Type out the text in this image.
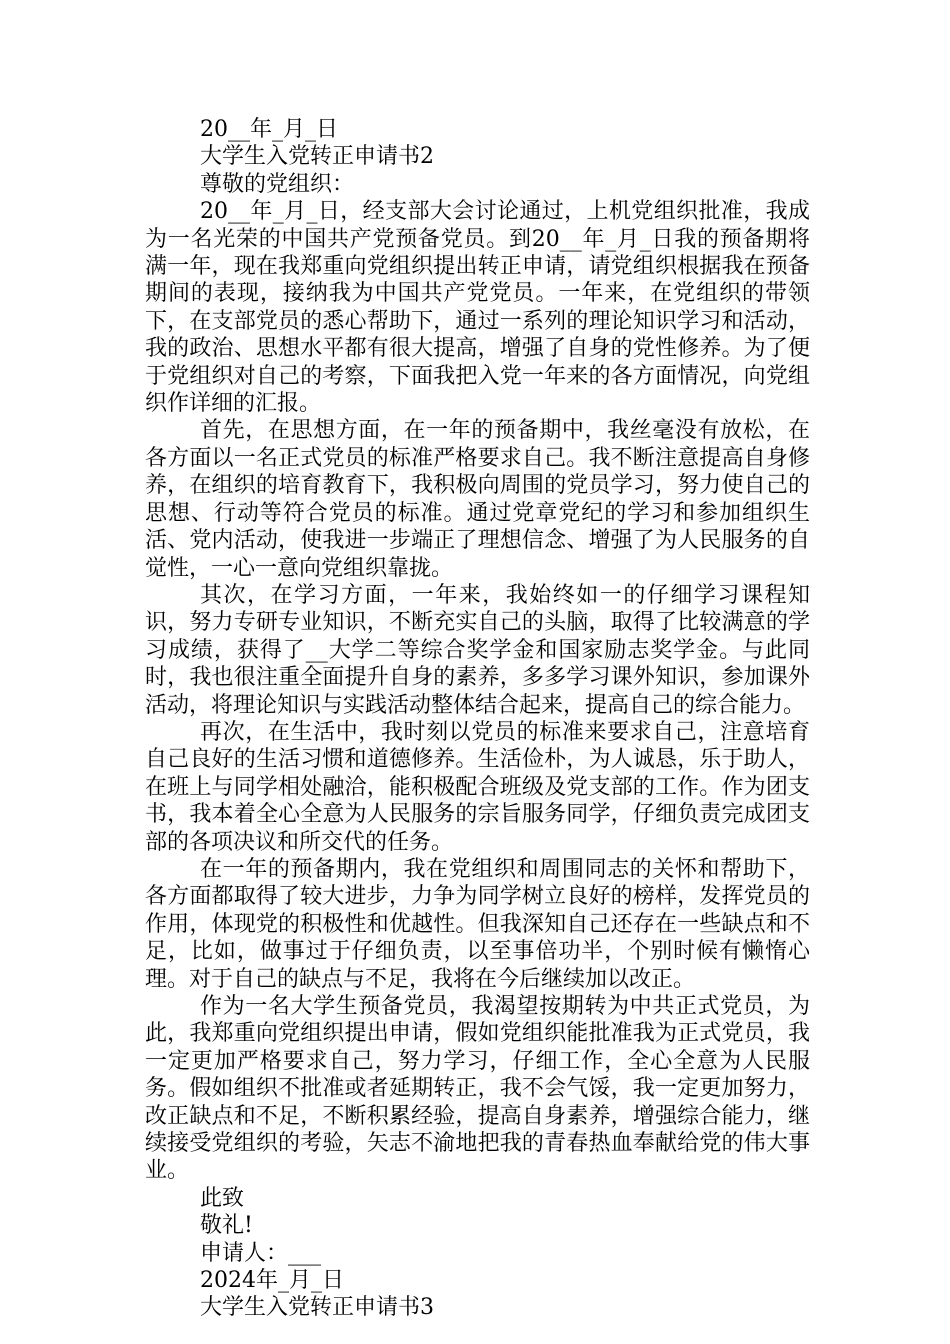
20__年_月_日

大学生入党转正申请书2

尊敬的党组织：

20__年_月_日，经支部大会讨论通过，上机党组织批准，我成为一名光荣的中国共产党预备党员。到20__年_月_日我的预备期将满一年，现在我郑重向党组织提出转正申请，请党组织根据我在预备期间的表现，接纳我为中国共产党党员。一年来，在党组织的带领下，在支部党员的悉心帮助下，通过一系列的理论知识学习和活动，我的政治、思想水平都有很大提高，增强了自身的党性修养。为了便于党组织对自己的考察，下面我把入党一年来的各方面情况，向党组织作详细的汇报。

首先，在思想方面，在一年的预备期中，我丝毫没有放松，在各方面以一名正式党员的标准严格要求自己。我不断注意提高自身修养，在组织的培育教育下，我积极向周围的党员学习，努力使自己的思想、行动等符合党员的标准。通过党章党纪的学习和参加组织生活、党内活动，使我进一步端正了理想信念、增强了为人民服务的自觉性，一心一意向党组织靠拢。

其次，在学习方面，一年来，我始终如一的仔细学习课程知识，努力专研专业知识，不断充实自己的头脑，取得了比较满意的学习成绩，获得了__大学二等综合奖学金和国家励志奖学金。与此同时，我也很注重全面提升自身的素养，多多学习课外知识，参加课外活动，将理论知识与实践活动整体结合起来，提高自己的综合能力。

再次，在生活中，我时刻以党员的标准来要求自己，注意培育自己良好的生活习惯和道德修养。生活俭朴，为人诚恳，乐于助人，在班上与同学相处融洽，能积极配合班级及党支部的工作。作为团支书，我本着全心全意为人民服务的宗旨服务同学，仔细负责完成团支部的各项决议和所交代的任务。

在一年的预备期内，我在党组织和周围同志的关怀和帮助下，各方面都取得了较大进步，力争为同学树立良好的榜样，发挥党员的作用，体现党的积极性和优越性。但我深知自己还存在一些缺点和不足，比如，做事过于仔细负责，以至事倍功半，个别时候有懒惰心理。对于自己的缺点与不足，我将在今后继续加以改正。

作为一名大学生预备党员，我渴望按期转为中共正式党员，为此，我郑重向党组织提出申请，假如党组织能批准我为正式党员，我一定更加严格要求自己，努力学习，仔细工作，全心全意为人民服务。假如组织不批准或者延期转正，我不会气馁，我一定更加努力，改正缺点和不足，不断积累经验，提高自身素养，增强综合能力，继续接受党组织的考验，矢志不渝地把我的青春热血奉献给党的伟大事业。

此致

敬礼!

申请人：___

2024年_月_日

大学生入党转正申请书3
